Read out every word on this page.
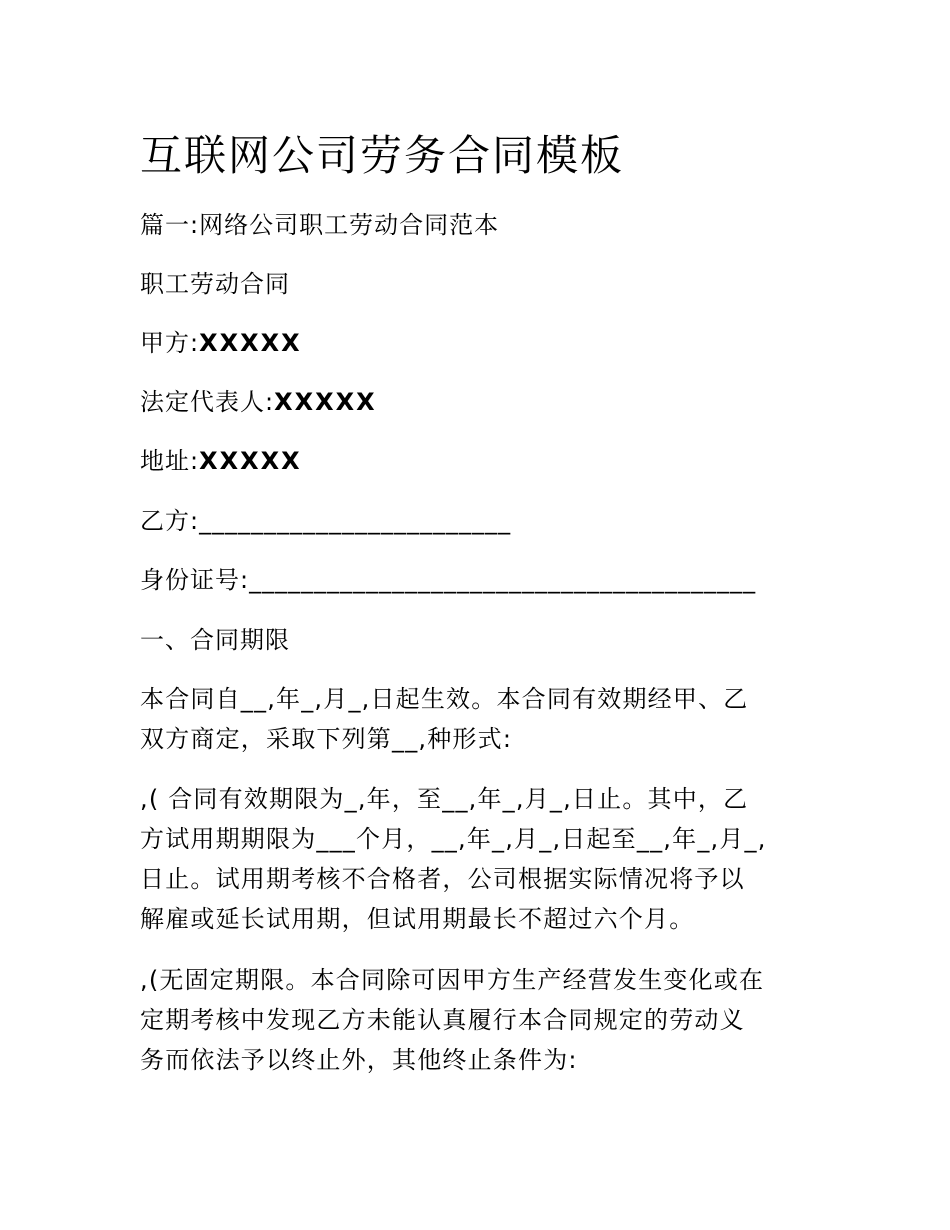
互联网公司劳务合同模板

篇一:网络公司职工劳动合同范本

职工劳动合同

甲方:XXXXX

法定代表人:XXXXX

地址:XXXXX

乙方:________________________

身份证号:_______________________________________

一、合同期限

本合同自__,年_,月_,日起生效。本合同有效期经甲、乙
双方商定，采取下列第__,种形式:
,( 合同有效期限为_,年，至__,年_,月_,日止。其中，乙
方试用期期限为___个月，__,年_,月_,日起至__,年_,月_,
日止。试用期考核不合格者，公司根据实际情况将予以
解雇或延长试用期，但试用期最长不超过六个月。
,(无固定期限。本合同除可因甲方生产经营发生变化或在
定期考核中发现乙方未能认真履行本合同规定的劳动义
务而依法予以终止外，其他终止条件为:
